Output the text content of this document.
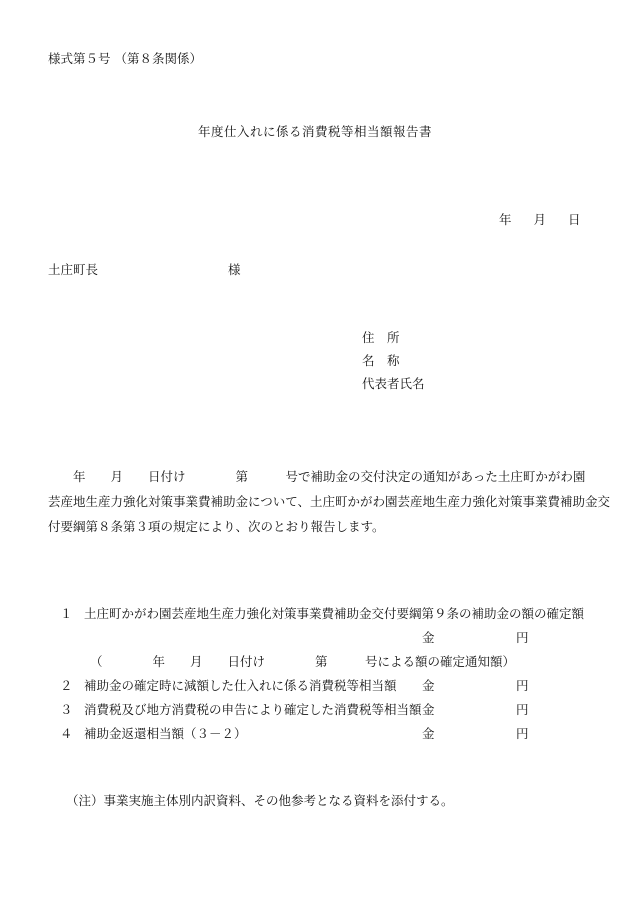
様式第５号 （第８条関係）
年度仕入れに係る消費税等相当額報告書
年 月 日
土庄町長	様
住　所
名　称
代表者氏名
　　年　　月　　日付け　　　　第　　　号で補助金の交付決定の通知があった土庄町かがわ園
芸産地生産力強化対策事業費補助金について、土庄町かがわ園芸産地生産力強化対策事業費補助金交
付要綱第８条第３項の規定により、次のとおり報告します。
１ 土庄町かがわ園芸産地生産力強化対策事業費補助金交付要綱第９条の補助金の額の確定額
金	円
（　　　　年　　月　　日付け　　　　第　　　号による額の確定通知額）
２ 補助金の確定時に減額した仕入れに係る消費税等相当額 金	円
３ 消費税及び地方消費税の申告により確定した消費税等相当額 金	円
４ 補助金返還相当額（３－２）	金	円
（注）事業実施主体別内訳資料、その他参考となる資料を添付する。
